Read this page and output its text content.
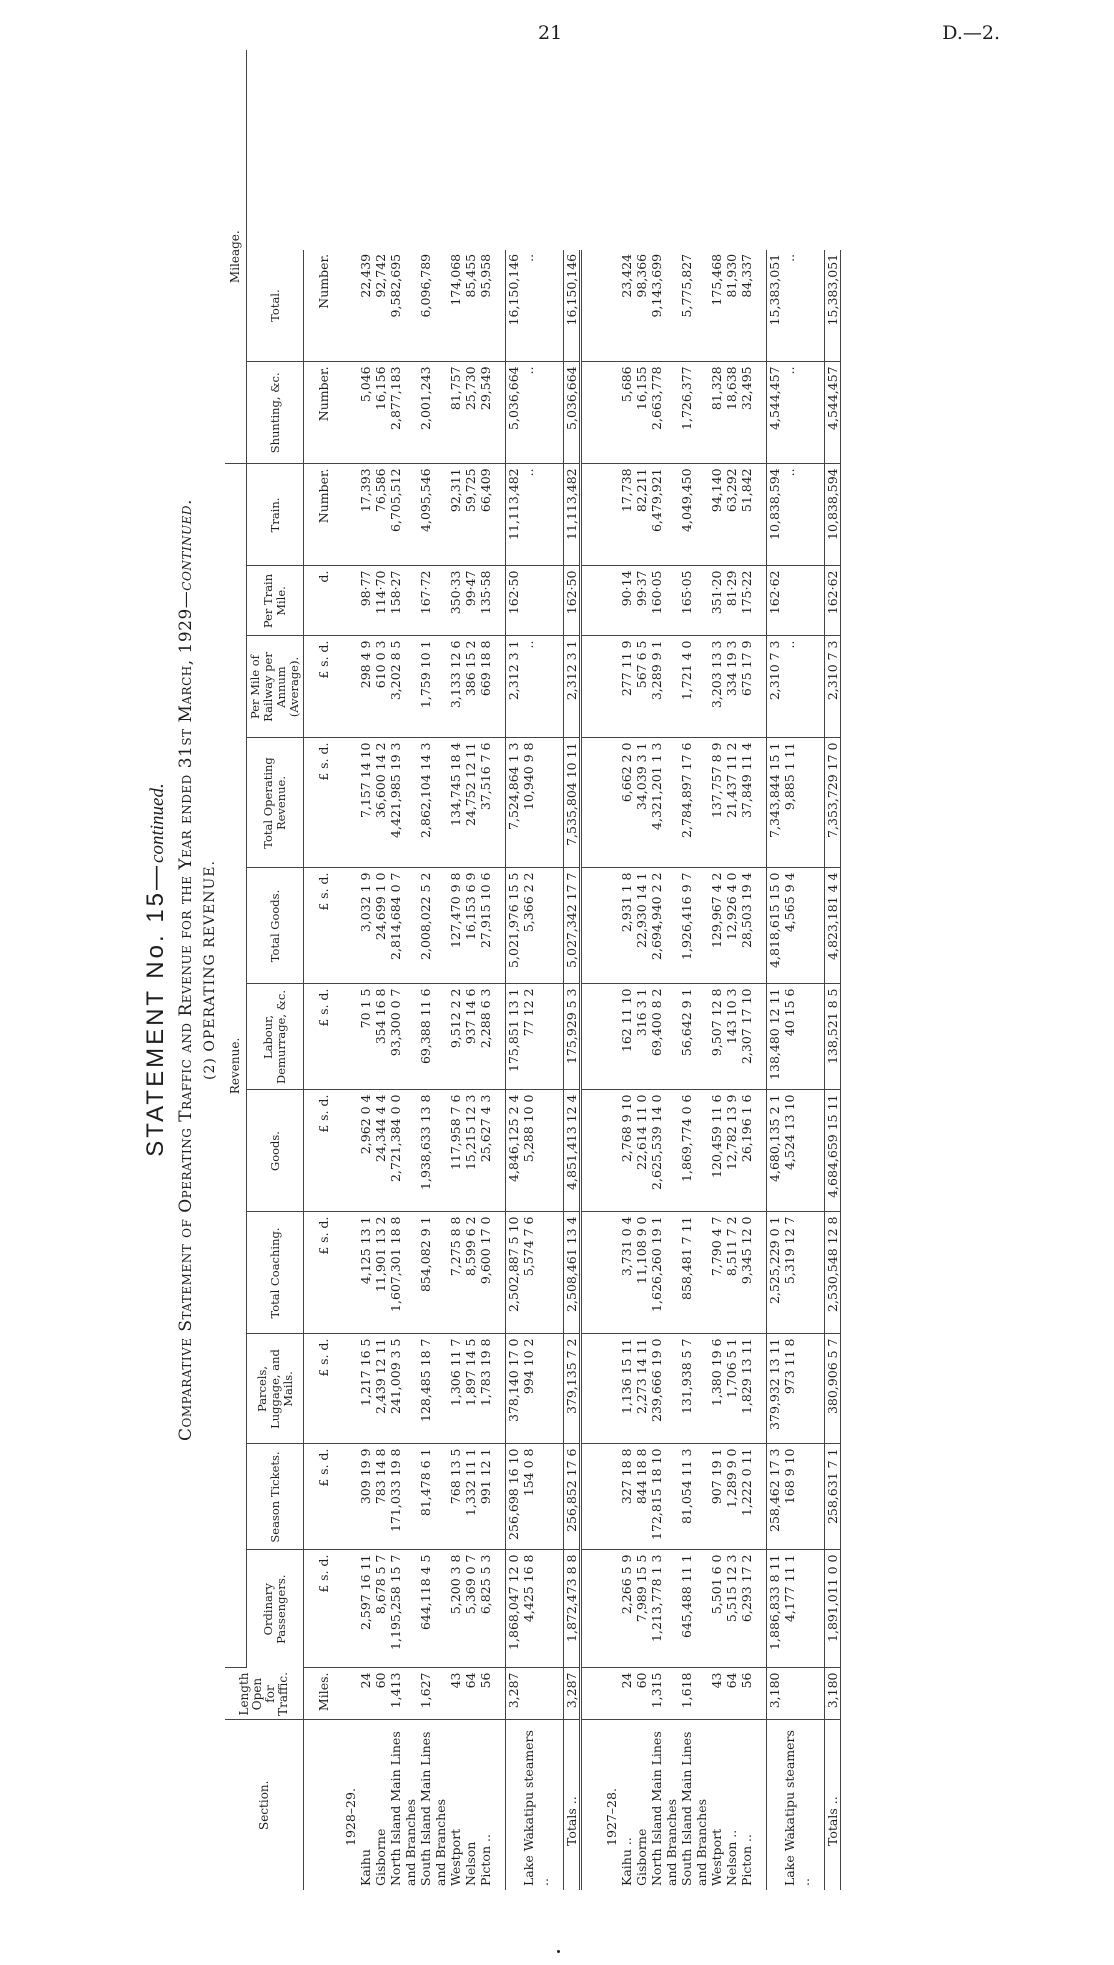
21	D.—2.
STATEMENT No. 15—continued. Comparative Statement of Operating Traffic and Revenue for the Year ended 31st March, 1929—continued.
(2) OPERATING REVENUE.
Section.	Length Open for Traffic.	Revenue.											Mileage.	
		Ordinary Passengers.	Season Tickets.	Parcels, Luggage, and Mails.	Total Coaching.	Goods.	Labour, Demurrage, &c.	Total Goods.	Total Operating Revenue.	Per Mile of Railway per Annum (Average).	Per Train Mile.	Train.	Shunting, &c.	Total.
	Miles.	£ s. d.	£ s. d.	£ s. d.	£ s. d.	£ s. d.	£ s. d.	£ s. d.	£ s. d.	£ s. d.	d.	Number.	Number.	Number.
1928–29.														
Kaihu	24	2,597 16 11	309 19 9	1,217 16 5	4,125 13 1	2,962 0 4	70 1 5	3,032 1 9	7,157 14 10	298 4 9	98·77	17,393	5,046	22,439
Gisborne	60	8,678 5 7	783 14 8	2,439 12 11	11,901 13 2	24,344 4 4	354 16 8	24,699 1 0	36,600 14 2	610 0 3	114·70	76,586	16,156	92,742
North Island Main Lines and Branches	1,413	1,195,258 15 7	171,033 19 8	241,009 3 5	1,607,301 18 8	2,721,384 0 0	93,300 0 7	2,814,684 0 7	4,421,985 19 3	3,202 8 5	158·27	6,705,512	2,877,183	9,582,695
South Island Main Lines and Branches	1,627	644,118 4 5	81,478 6 1	128,485 18 7	854,082 9 1	1,938,633 13 8	69,388 11 6	2,008,022 5 2	2,862,104 14 3	1,759 10 1	167·72	4,095,546	2,001,243	6,096,789
Westport	43	5,200 3 8	768 13 5	1,306 11 7	7,275 8 8	117,958 7 6	9,512 2 2	127,470 9 8	134,745 18 4	3,133 12 6	350·33	92,311	81,757	174,068
Nelson	64	5,369 0 7	1,332 11 1	1,897 14 5	8,599 6 2	15,215 12 3	937 14 6	16,153 6 9	24,752 12 11	386 15 2	99·47	59,725	25,730	85,455
Picton ..	56	6,825 5 3	991 12 1	1,783 19 8	9,600 17 0	25,627 4 3	2,288 6 3	27,915 10 6	37,516 7 6	669 18 8	135·58	66,409	29,549	95,958

	3,287	1,868,047 12 0	256,698 16 10	378,140 17 0	2,502,887 5 10	4,846,125 2 4	175,851 13 1	5,021,976 15 5	7,524,864 1 3	2,312 3 1	162·50	11,113,482	5,036,664	16,150,146
Lake Wakatipu steamers ..		4,425 16 8	154 0 8	994 10 2	5,574 7 6	5,288 10 0	77 12 2	5,366 2 2	10,940 9 8	..		..	..	..

Totals ..	3,287	1,872,473 8 8	256,852 17 6	379,135 7 2	2,508,461 13 4	4,851,413 12 4	175,929 5 3	5,027,342 17 7	7,535,804 10 11	2,312 3 1	162·50	11,113,482	5,036,664	16,150,146

1927–28.														
Kaihu ..	24	2,266 5 9	327 18 8	1,136 15 11	3,731 0 4	2,768 9 10	162 11 10	2,931 1 8	6,662 2 0	277 11 9	90·14	17,738	5,686	23,424
Gisborne	60	7,989 15 5	844 18 8	2,273 14 11	11,108 9 0	22,614 11 0	316 3 1	22,930 14 1	34,039 3 1	567 6 5	99·37	82,211	16,155	98,366
North Island Main Lines and Branches	1,315	1,213,778 1 3	172,815 18 10	239,666 19 0	1,626,260 19 1	2,625,539 14 0	69,400 8 2	2,694,940 2 2	4,321,201 1 3	3,289 9 1	160·05	6,479,921	2,663,778	9,143,699
South Island Main Lines and Branches	1,618	645,488 11 1	81,054 11 3	131,938 5 7	858,481 7 11	1,869,774 0 6	56,642 9 1	1,926,416 9 7	2,784,897 17 6	1,721 4 0	165·05	4,049,450	1,726,377	5,775,827
Westport	43	5,501 6 0	907 19 1	1,380 19 6	7,790 4 7	120,459 11 6	9,507 12 8	129,967 4 2	137,757 8 9	3,203 13 3	351·20	94,140	81,328	175,468
Nelson ..	64	5,515 12 3	1,289 9 0	1,706 5 1	8,511 7 2	12,782 13 9	143 10 3	12,926 4 0	21,437 11 2	334 19 3	81·29	63,292	18,638	81,930
Picton ..	56	6,293 17 2	1,222 0 11	1,829 13 11	9,345 12 0	26,196 1 6	2,307 17 10	28,503 19 4	37,849 11 4	675 17 9	175·22	51,842	32,495	84,337

	3,180	1,886,833 8 11	258,462 17 3	379,932 13 11	2,525,229 0 1	4,680,135 2 1	138,480 12 11	4,818,615 15 0	7,343,844 15 1	2,310 7 3	162·62	10,838,594	4,544,457	15,383,051
Lake Wakatipu steamers ..		4,177 11 1	168 9 10	973 11 8	5,319 12 7	4,524 13 10	40 15 6	4,565 9 4	9,885 1 11	..		..	..	..

Totals ..	3,180	1,891,011 0 0	258,631 7 1	380,906 5 7	2,530,548 12 8	4,684,659 15 11	138,521 8 5	4,823,181 4 4	7,353,729 17 0	2,310 7 3	162·62	10,838,594	4,544,457	15,383,051
